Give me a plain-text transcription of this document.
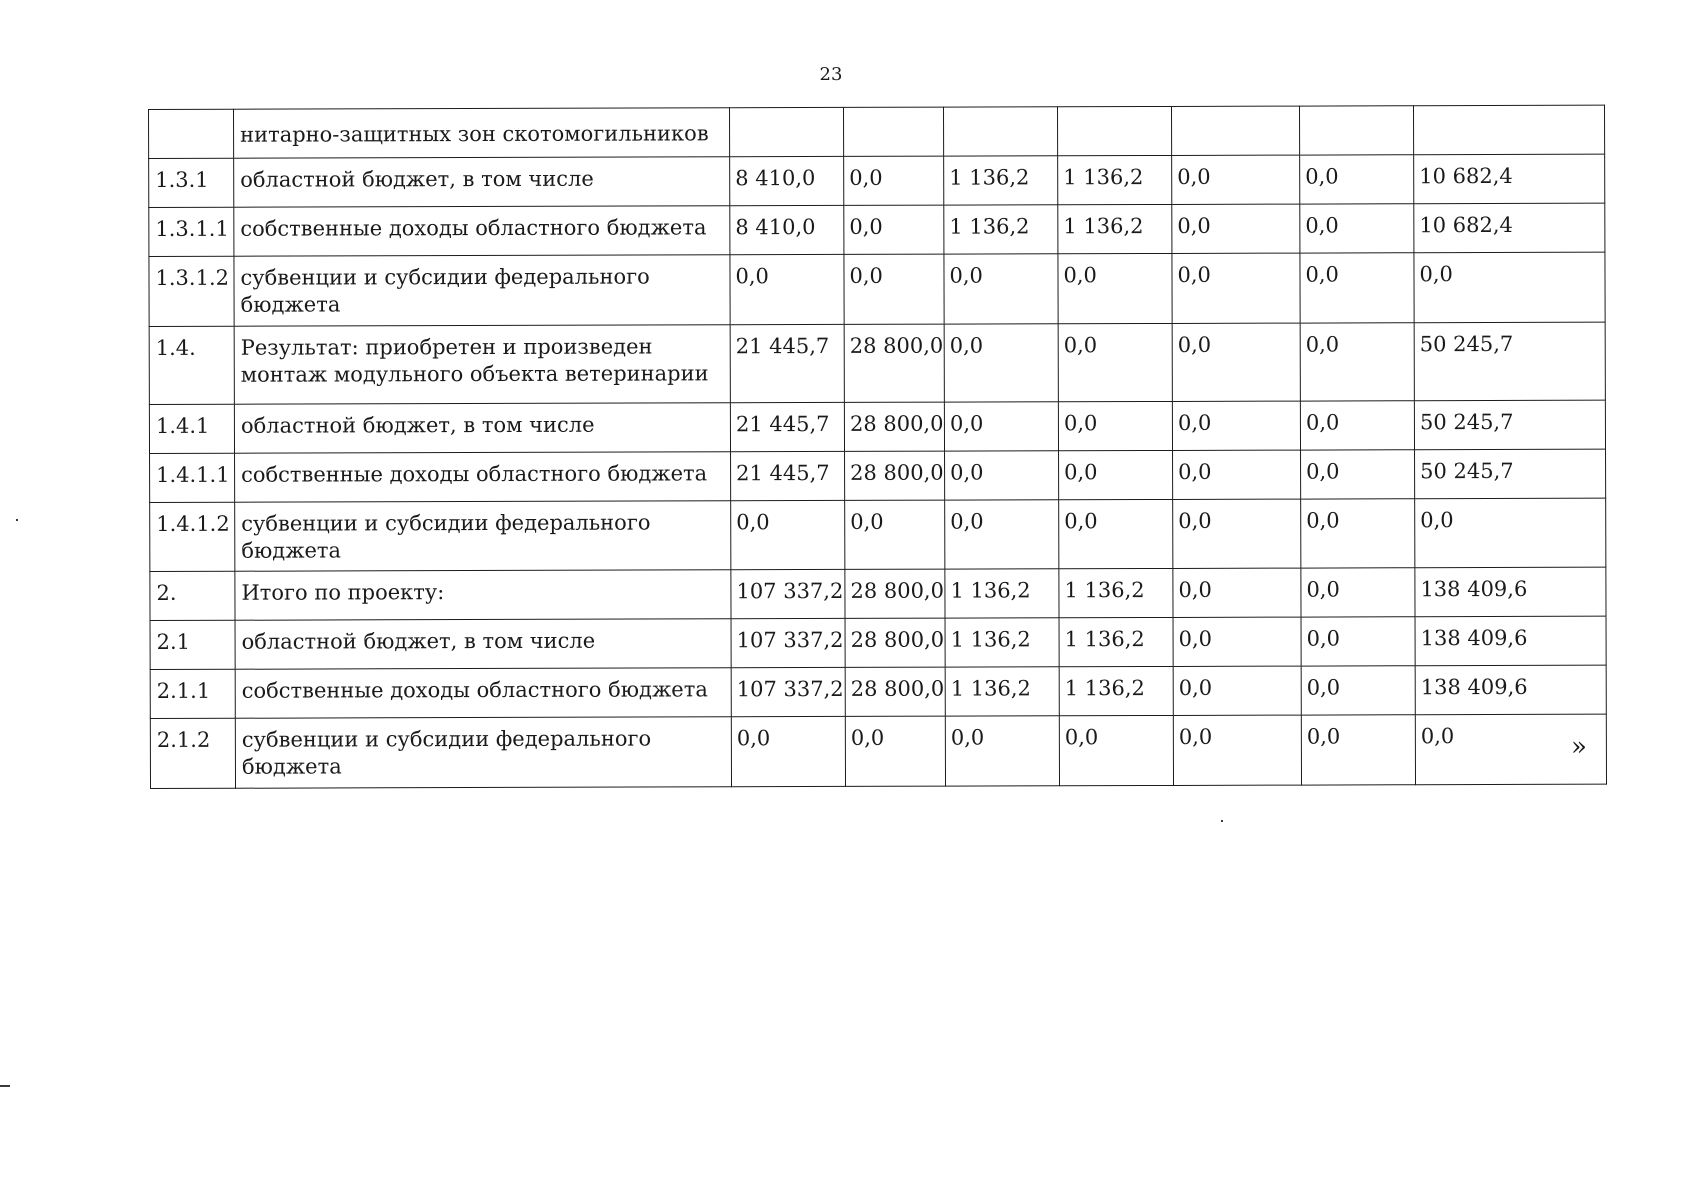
23
	нитарно-защитных зон скотомогильников							
1.3.1	областной бюджет, в том числе	8 410,0	0,0	1 136,2	1 136,2	0,0	0,0	10 682,4
1.3.1.1	собственные доходы областного бюджета	8 410,0	0,0	1 136,2	1 136,2	0,0	0,0	10 682,4
1.3.1.2	субвенции и субсидии федерального бюджета	0,0	0,0	0,0	0,0	0,0	0,0	0,0
1.4.	Результат: приобретен и произведен монтаж модульного объекта ветеринарии	21 445,7	28 800,0	0,0	0,0	0,0	0,0	50 245,7
1.4.1	областной бюджет, в том числе	21 445,7	28 800,0	0,0	0,0	0,0	0,0	50 245,7
1.4.1.1	собственные доходы областного бюджета	21 445,7	28 800,0	0,0	0,0	0,0	0,0	50 245,7
1.4.1.2	субвенции и субсидии федерального бюджета	0,0	0,0	0,0	0,0	0,0	0,0	0,0
2.	Итого по проекту:	107 337,2	28 800,0	1 136,2	1 136,2	0,0	0,0	138 409,6
2.1	областной бюджет, в том числе	107 337,2	28 800,0	1 136,2	1 136,2	0,0	0,0	138 409,6
2.1.1	собственные доходы областного бюджета	107 337,2	28 800,0	1 136,2	1 136,2	0,0	0,0	138 409,6
2.1.2	субвенции и субсидии федерального бюджета	0,0	0,0	0,0	0,0	0,0	0,0	0,0	»
